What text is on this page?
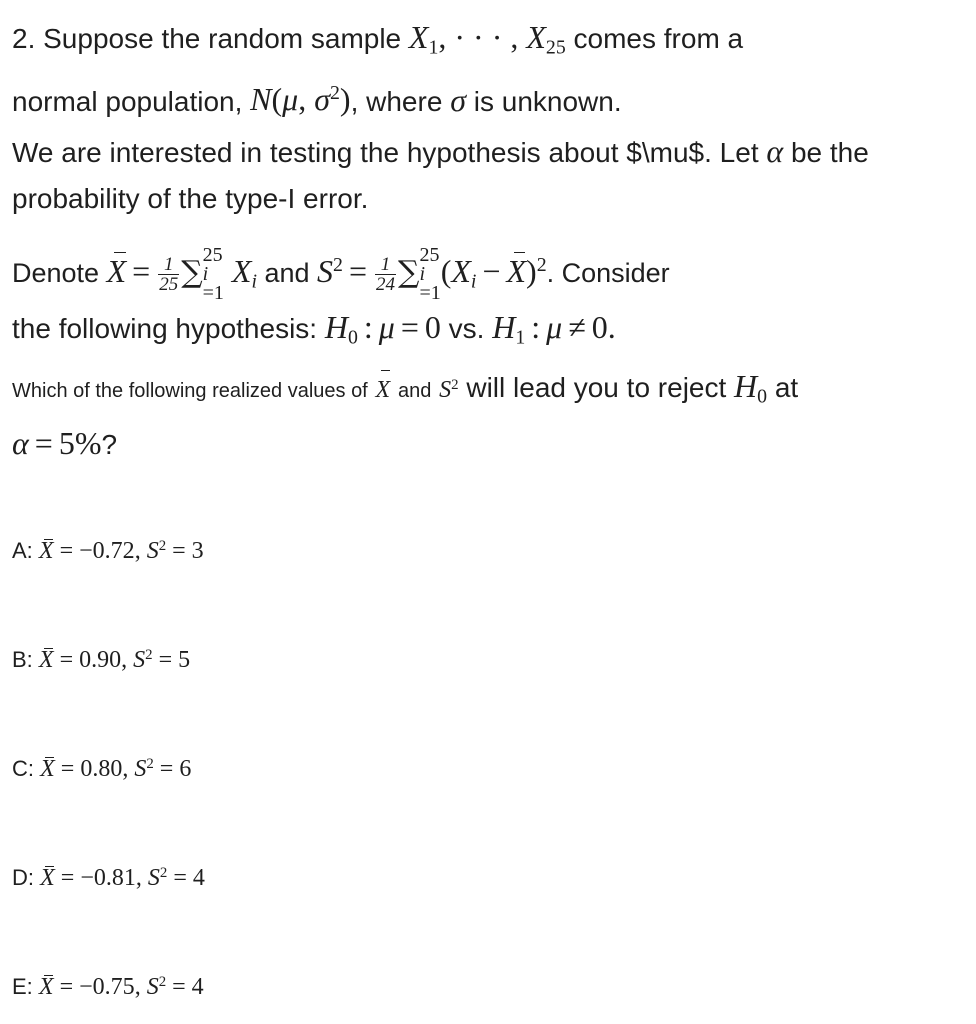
2. Suppose the random sample $X_1$, · · · , $X_{25}$ comes from a
normal population, N(μ, $\sigma^2$), where σ is unknown.
We are interested in testing the hypothesis about $\mu$. Let α be the
probability of the type-I error.
Denote $X = \frac{1}{25}$ ∑ 25
i
=1
Xi and $S^2 = \frac{1}{24}$ ∑ 25
i
=1
$(Xi - X)^2$. Consider
the following hypothesis: $H_0$ : μ = 0 vs. $H_1$ : μ ≠ 0.
Which of the following realized values of X and $S^2$ will lead you to reject $H_0$ at
α = 5%?
A: X = −0.72, $S^2 = 3$
B: X = 0.90, $S^2 = 5$
C: X = 0.80, $S^2 = 6$
D: X = −0.81, $S^2 = 4$
E: X = −0.75, $S^2 = 4$
